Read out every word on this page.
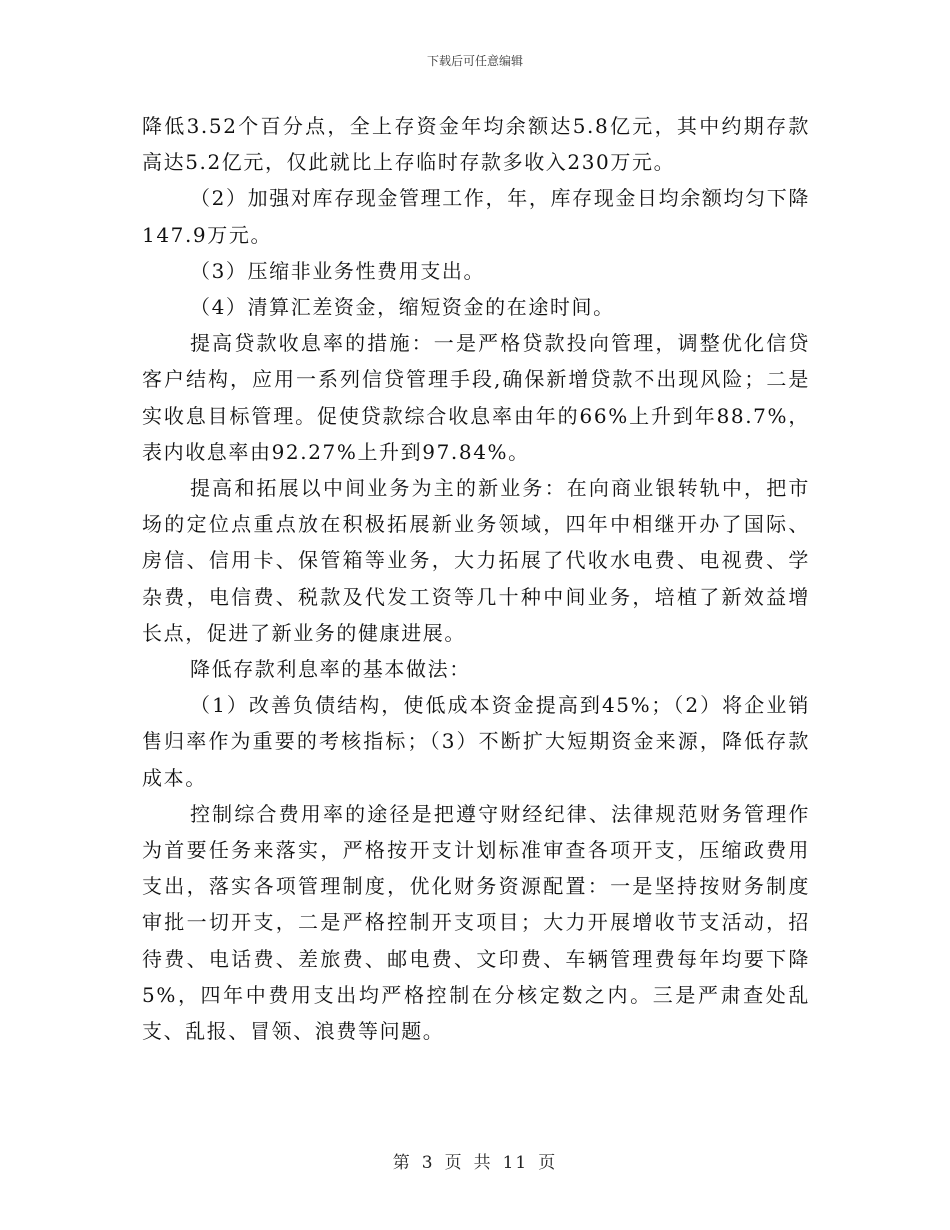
下载后可任意编辑

降低3.52个百分点，全上存资金年均余额达5.8亿元，其中约期存款高达5.2亿元，仅此就比上存临时存款多收入230万元。

（2）加强对库存现金管理工作，年，库存现金日均余额均匀下降147.9万元。

（3）压缩非业务性费用支出。

（4）清算汇差资金，缩短资金的在途时间。

提高贷款收息率的措施：一是严格贷款投向管理，调整优化信贷客户结构，应用一系列信贷管理手段,确保新增贷款不出现风险；二是实收息目标管理。促使贷款综合收息率由年的66%上升到年88.7%，表内收息率由92.27%上升到97.84%。

提高和拓展以中间业务为主的新业务：在向商业银转轨中，把市场的定位点重点放在积极拓展新业务领域，四年中相继开办了国际、房信、信用卡、保管箱等业务，大力拓展了代收水电费、电视费、学杂费，电信费、税款及代发工资等几十种中间业务，培植了新效益增长点，促进了新业务的健康进展。

降低存款利息率的基本做法：

（1）改善负债结构，使低成本资金提高到45%；（2）将企业销售归率作为重要的考核指标；（3）不断扩大短期资金来源，降低存款成本。

控制综合费用率的途径是把遵守财经纪律、法律规范财务管理作为首要任务来落实，严格按开支计划标准审查各项开支，压缩政费用支出，落实各项管理制度，优化财务资源配置：一是坚持按财务制度审批一切开支，二是严格控制开支项目；大力开展增收节支活动，招待费、电话费、差旅费、邮电费、文印费、车辆管理费每年均要下降5%，四年中费用支出均严格控制在分核定数之内。三是严肃查处乱支、乱报、冒领、浪费等问题。

第 3 页 共 11 页
